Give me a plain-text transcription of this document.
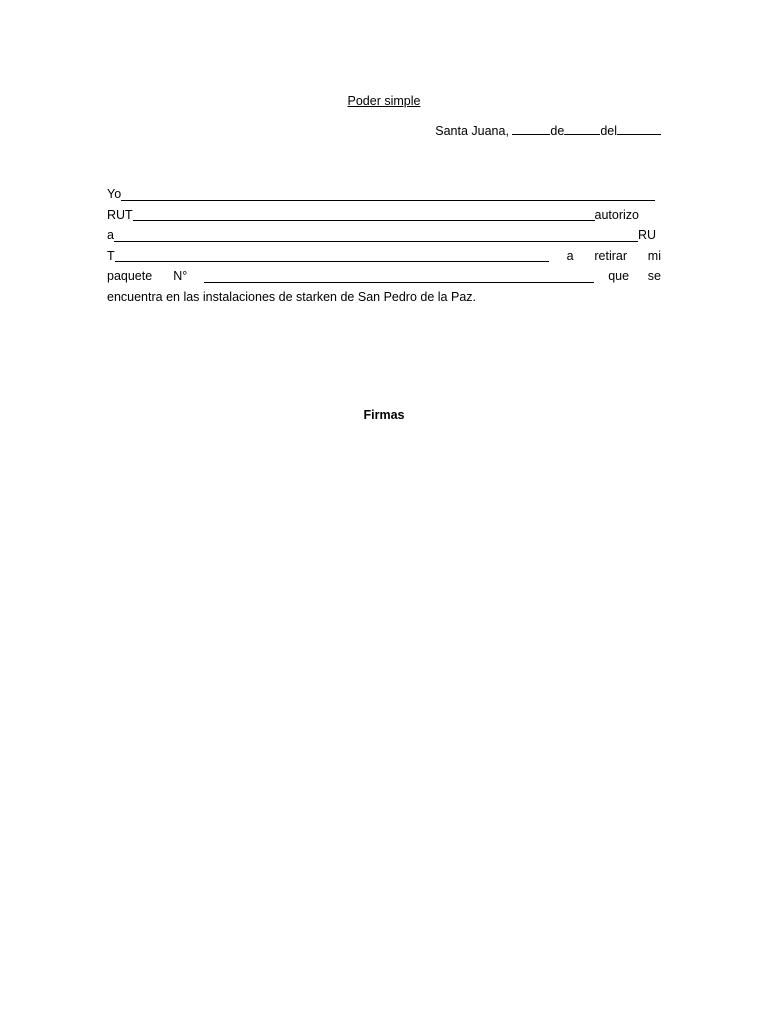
Poder simple
Santa Juana,	de	del
Yo
RUT	autorizo
a	RU
T	a retirar mi
paquete N°	que se
encuentra en las instalaciones de starken de San Pedro de la Paz.
Firmas
